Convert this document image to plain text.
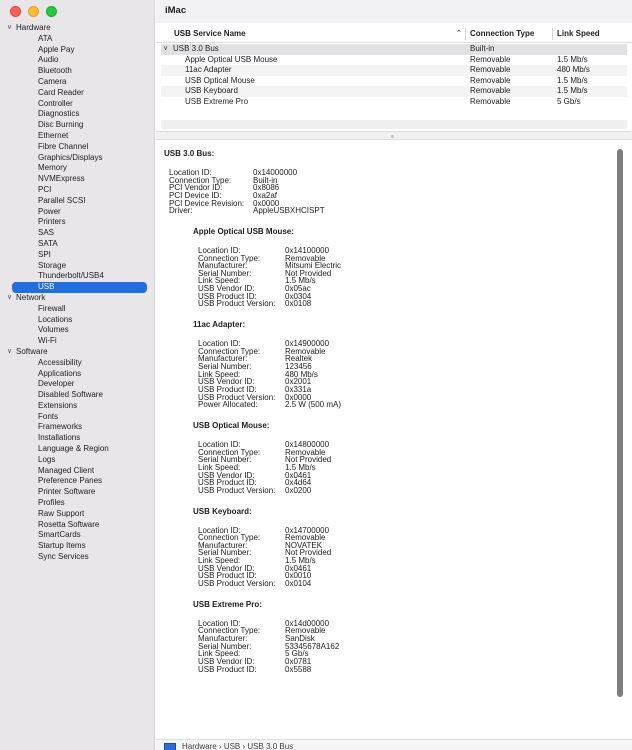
∨ Hardware
ATA
Apple Pay
Audio
Bluetooth
Camera
Card Reader
Controller
Diagnostics
Disc Burning
Ethernet
Fibre Channel
Graphics/Displays
Memory
NVMExpress
PCI
Parallel SCSI
Power
Printers
SAS
SATA
SPI
Storage
Thunderbolt/USB4
USB
∨ Network
Firewall
Locations
Volumes
Wi-Fi
∨ Software
Accessibility
Applications
Developer
Disabled Software
Extensions
Fonts
Frameworks
Installations
Language & Region
Logs
Managed Client
Preference Panes
Printer Software
Profiles
Raw Support
Rosetta Software
SmartCards
Startup Items
Sync Services
iMac
USB Service Name	⌃ Connection Type	Link Speed
∨ USB 3.0 Bus	Built-in
Apple Optical USB Mouse	Removable	1.5 Mb/s
11ac Adapter	Removable	480 Mb/s
USB Optical Mouse	Removable	1.5 Mb/s
USB Keyboard	Removable	1.5 Mb/s
USB Extreme Pro	Removable	5 Gb/s
USB 3.0 Bus:
Location ID:	0x14000000
Connection Type:	Built-in
PCI Vendor ID:	0x8086
PCI Device ID:	0xa2af
PCI Device Revision: 0x0000
Driver:	AppleUSBXHCISPT
Apple Optical USB Mouse:
Location ID:	0x14100000
Connection Type:	Removable
Manufacturer:	Mitsumi Electric
Serial Number:	Not Provided
Link Speed:	1.5 Mb/s
USB Vendor ID:	0x05ac
USB Product ID:	0x0304
USB Product Version: 0x0108
11ac Adapter:
Location ID:	0x14900000
Connection Type:	Removable
Manufacturer:	Realtek
Serial Number:	123456
Link Speed:	480 Mb/s
USB Vendor ID:	0x2001
USB Product ID:	0x331a
USB Product Version: 0x0000
Power Allocated:	2.5 W (500 mA)
USB Optical Mouse:
Location ID:	0x14800000
Connection Type:	Removable
Serial Number:	Not Provided
Link Speed:	1.5 Mb/s
USB Vendor ID:	0x0461
USB Product ID:	0x4d64
USB Product Version: 0x0200
USB Keyboard:
Location ID:	0x14700000
Connection Type:	Removable
Manufacturer:	NOVATEK
Serial Number:	Not Provided
Link Speed:	1.5 Mb/s
USB Vendor ID:	0x0461
USB Product ID:	0x0010
USB Product Version: 0x0104
USB Extreme Pro:
Location ID:	0x14d00000
Connection Type:	Removable
Manufacturer:	SanDisk
Serial Number:	53345678A162
Link Speed:	5 Gb/s
USB Vendor ID:	0x0781
USB Product ID:	0x5588
Hardware › USB › USB 3.0 Bus
